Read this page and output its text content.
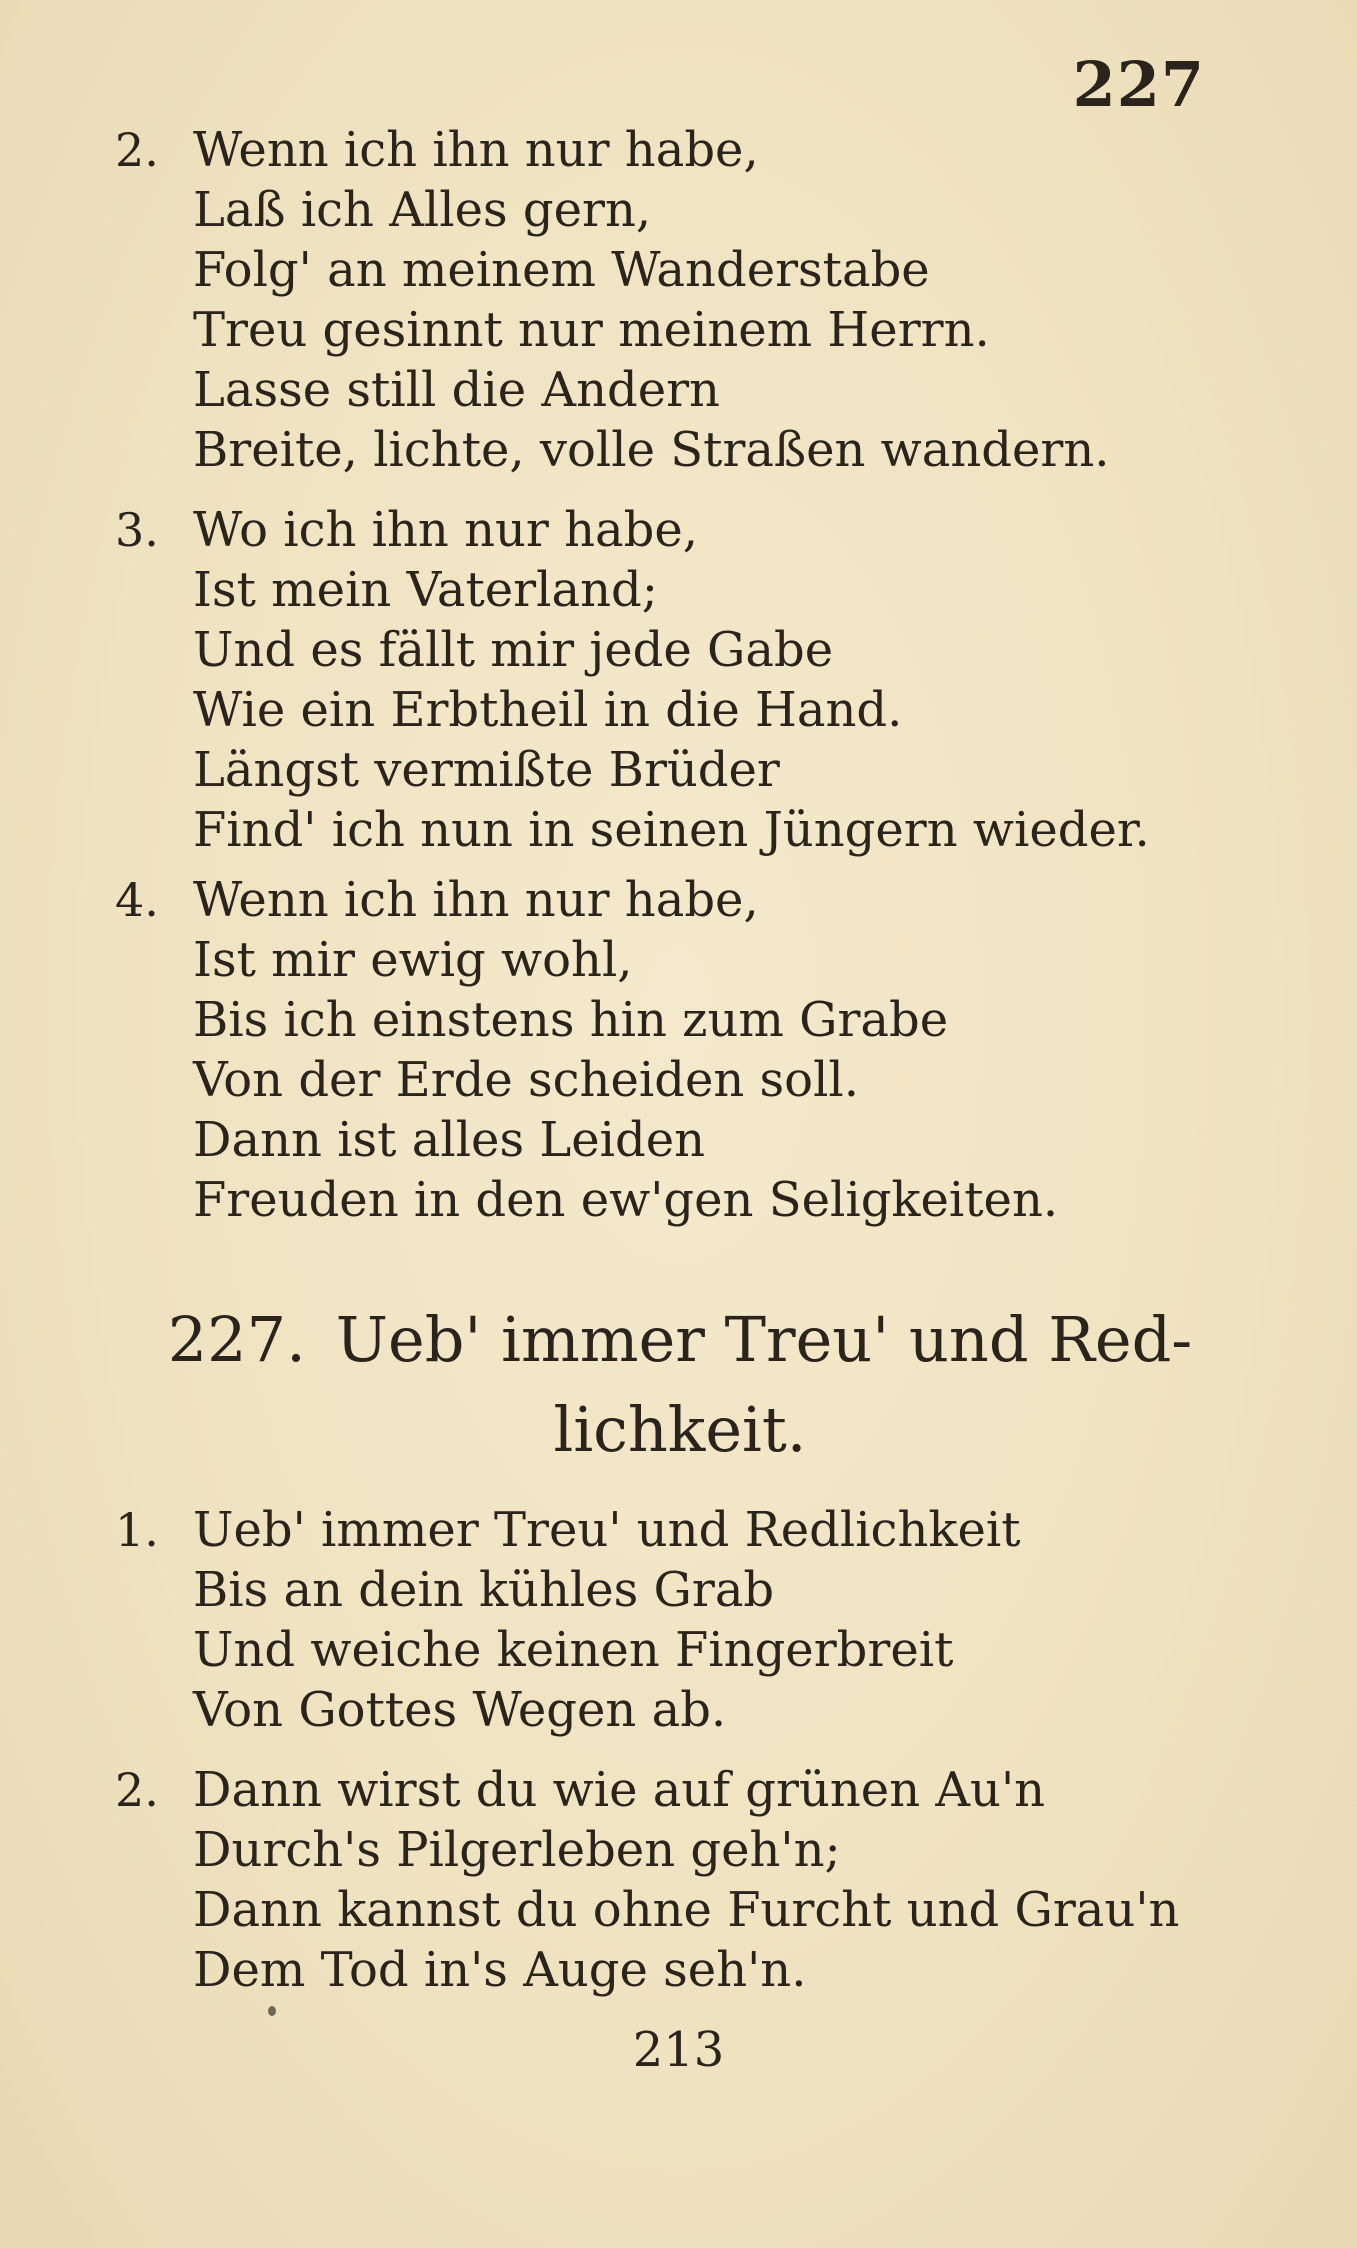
227
2. Wenn ich ihn nur habe,
Laß ich Alles gern,
Folg' an meinem Wanderstabe
Treu gesinnt nur meinem Herrn.
Lasse still die Andern
Breite, lichte, volle Straßen wandern.
3. Wo ich ihn nur habe,
Ist mein Vaterland;
Und es fällt mir jede Gabe
Wie ein Erbtheil in die Hand.
Längst vermißte Brüder
Find' ich nun in seinen Jüngern wieder.
4. Wenn ich ihn nur habe,
Ist mir ewig wohl,
Bis ich einstens hin zum Grabe
Von der Erde scheiden soll.
Dann ist alles Leiden
Freuden in den ew'gen Seligkeiten.
227. Ueb' immer Treu' und Red-
lichkeit.
1. Ueb' immer Treu' und Redlichkeit
Bis an dein kühles Grab
Und weiche keinen Fingerbreit
Von Gottes Wegen ab.
2. Dann wirst du wie auf grünen Au'n
Durch's Pilgerleben geh'n;
Dann kannst du ohne Furcht und Grau'n
Dem Tod in's Auge seh'n.
213
